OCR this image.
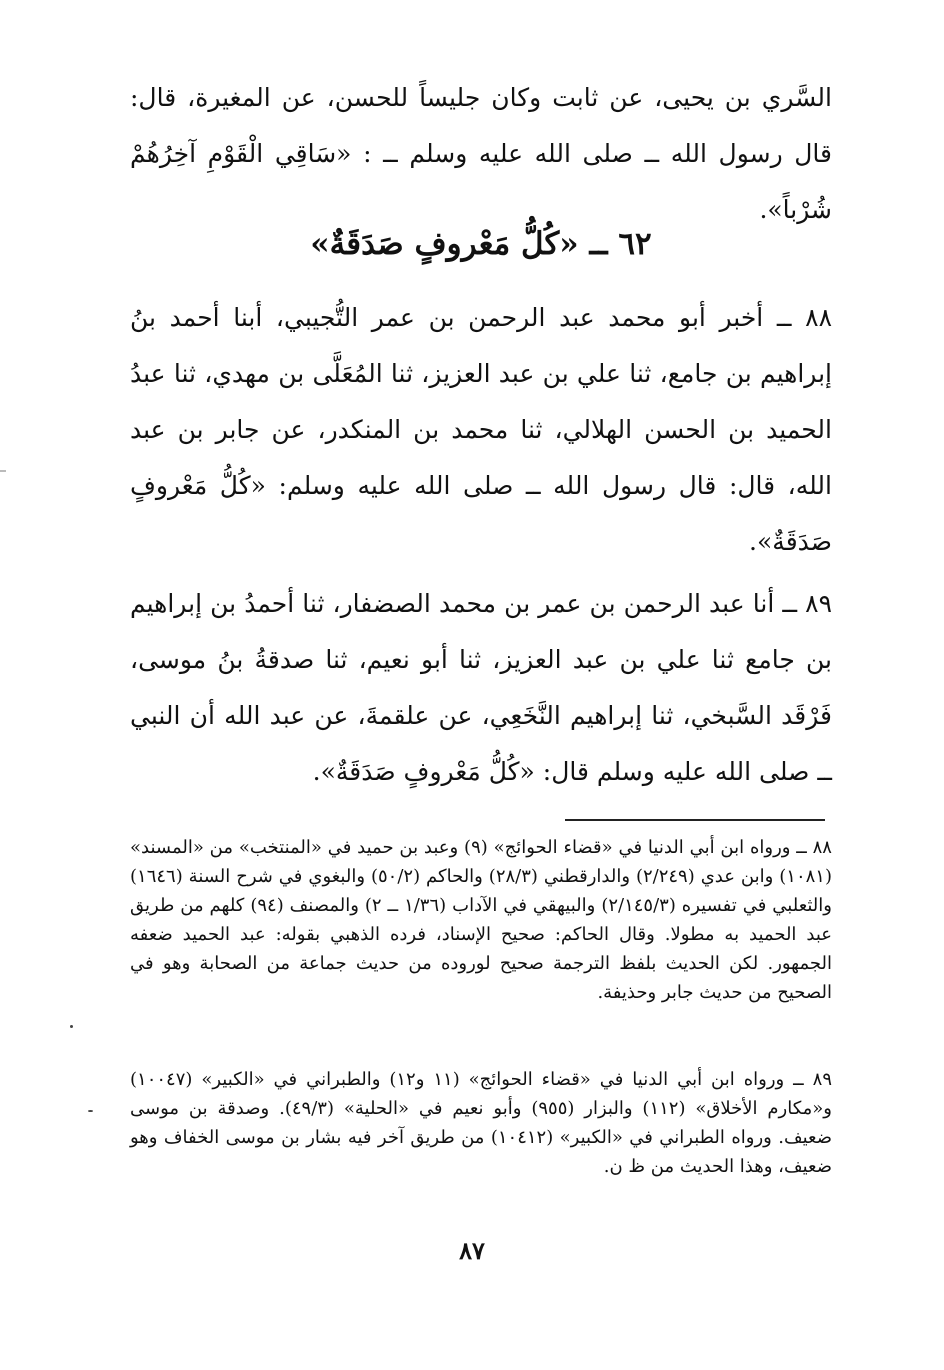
السَّري بن يحيى، عن ثابت وكان جليساً للحسن، عن المغيرة، قال: قال رسول الله ــ صلى الله عليه وسلم ــ : «سَاقِي الْقَوْمِ آخِرُهُمْ شُرْباً».
٦٢ ــ «كُلُّ مَعْروفٍ صَدَقَةٌ»
٨٨ ــ أخبر أبو محمد عبد الرحمن بن عمر التُّجيبي، أبنا أحمد بنُ إبراهيم بن جامع، ثنا علي بن عبد العزيز، ثنا المُعَلَّى بن مهدي، ثنا عبدُ الحميد بن الحسن الهلالي، ثنا محمد بن المنكدر، عن جابر بن عبد الله، قال: قال رسول الله ــ صلى الله عليه وسلم: «كُلُّ مَعْروفٍ صَدَقَةٌ».
٨٩ ــ أنا عبد الرحمن بن عمر بن محمد الصضفار، ثنا أحمدُ بن إبراهيم بن جامع ثنا علي بن عبد العزيز، ثنا أبو نعيم، ثنا صدقةُ بنُ موسى، فَرْقَد السَّبخي، ثنا إبراهيم النَّخَعِي، عن علقمةَ، عن عبد الله أن النبي ــ صلى الله عليه وسلم قال: «كُلُّ مَعْروفٍ صَدَقَةٌ».
٨٨ ــ ورواه ابن أبي الدنيا في «قضاء الحوائج» (٩) وعبد بن حميد في «المنتخب» من «المسند» (١٠٨١) وابن عدي (٢/٢٤٩) والدارقطني (٢٨/٣) والحاكم (٥٠/٢) والبغوي في شرح السنة (١٦٤٦) والثعلبي في تفسيره (٢/١٤٥/٣) والبيهقي في الآداب (١/٣٦ ــ ٢) والمصنف (٩٤) كلهم من طريق عبد الحميد به مطولا. وقال الحاكم: صحيح الإسناد، فرده الذهبي بقوله: عبد الحميد ضعفه الجمهور. لكن الحديث بلفظ الترجمة صحيح لوروده من حديث جماعة من الصحابة وهو في الصحيح من حديث جابر وحذيفة.
٨٩ ــ ورواه ابن أبي الدنيا في «قضاء الحوائج» (١١ و١٢) والطبراني في «الكبير» (١٠٠٤٧) و«مكارم الأخلاق» (١١٢) والبزار (٩٥٥) وأبو نعيم في «الحلية» (٤٩/٣). وصدقة بن موسى ضعيف. ورواه الطبراني في «الكبير» (١٠٤١٢) من طريق آخر فيه بشار بن موسى الخفاف وهو ضعيف، وهذا الحديث من ظ ن.
٨٧
